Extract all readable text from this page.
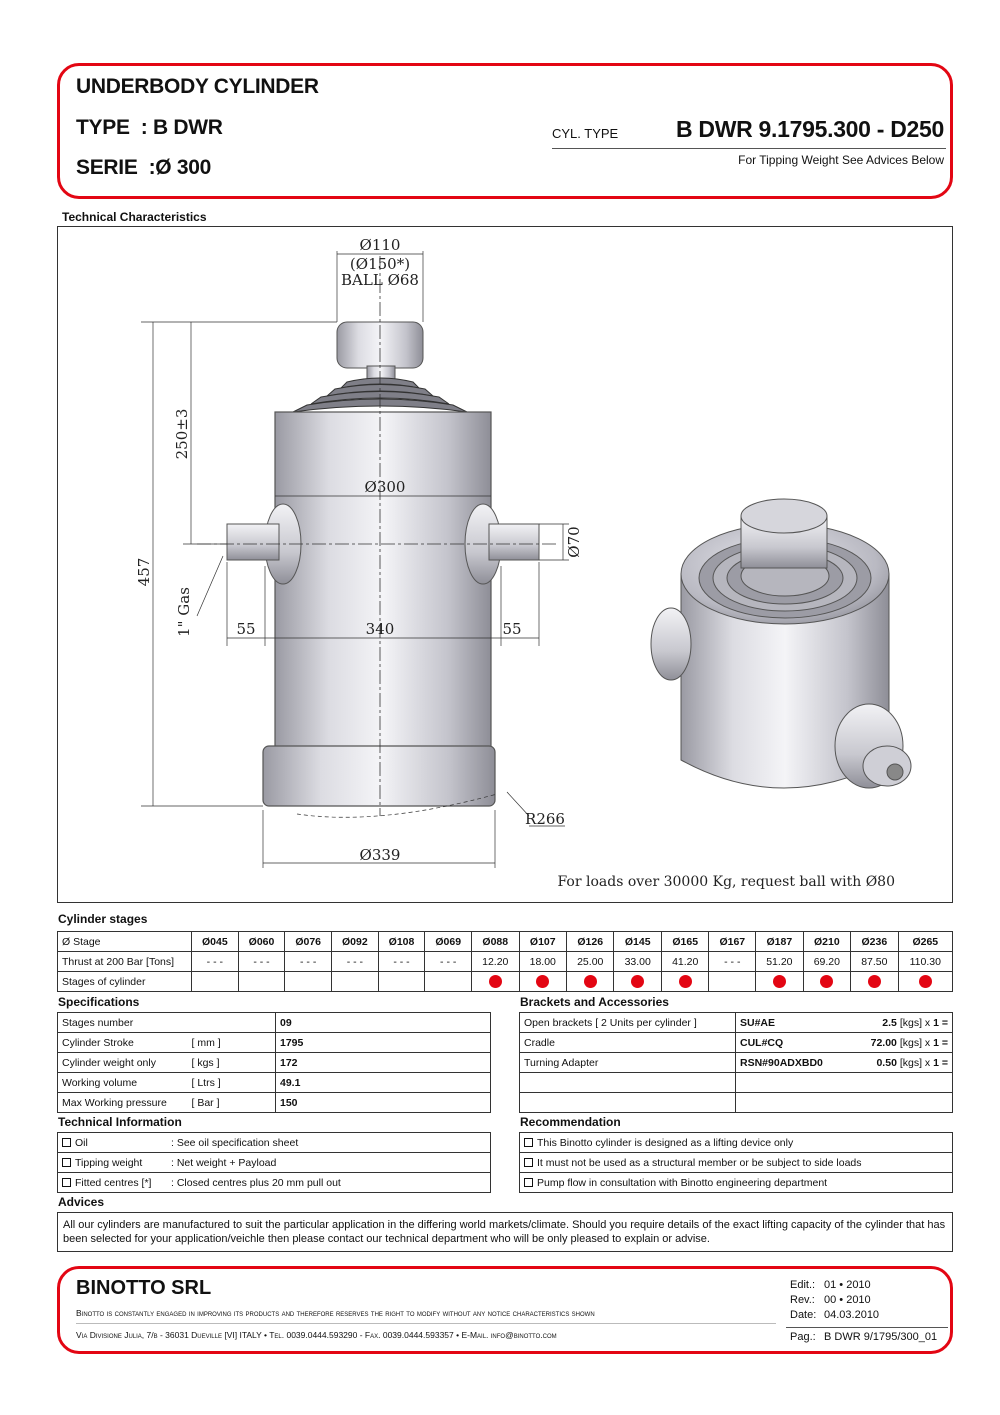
UNDERBODY CYLINDER
TYPE  : B DWR
SERIE  :Ø 300
CYL. TYPE	B DWR 9.1795.300 - D250
For Tipping Weight See Advices Below
Technical Characteristics
Ø110
(Ø150*)
BALL Ø68
250±3
457
1" Gas
Ø300
Ø70
55	340	55
R266
Ø339
For loads over 30000 Kg, request ball with Ø80
Cylinder stages
Ø Stage	Ø045	Ø060	Ø076	Ø092	Ø108	Ø069	Ø088	Ø107	Ø126	Ø145	Ø165	Ø167	Ø187	Ø210	Ø236	Ø265
Thrust at 200 Bar [Tons]	- - -	- - -	- - -	- - -	- - -	- - -	12.20	18.00	25.00	33.00	41.20	- - -	51.20	69.20	87.50	110.30
Stages of cylinder																
Specifications
Stages number		09
Cylinder Stroke	[ mm ]	1795
Cylinder weight only	[ kgs ]	172
Working volume	[ Ltrs ]	49.1
Max Working pressure	[ Bar ]	150
Brackets and Accessories
Open brackets [ 2 Units per cylinder ]	SU#AE 2.5 [kgs] x 1 =

Cradle	CUL#CQ 72.00 [kgs] x 1 =

Turning Adapter	RSN#90ADXBD0 0.50 [kgs] x 1 =

Technical Information
Oil	: See oil specification sheet
Tipping weight	: Net weight + Payload
Fitted centres [*] : Closed centres plus 20 mm pull out
Recommendation
This Binotto cylinder is designed as a lifting device only
It must not be used as a structural member or be subject to side loads
Pump flow in consultation with Binotto engineering department
Advices
All our cylinders are manufactured to suit the particular application in the differing world markets/climate. Should you require details of the exact lifting capacity of the cylinder that has been selected for your application/veichle then please contact our technical department who will be only pleased to explain or advise.
BINOTTO SRL
Binotto is constantly engaged in improving its products and therefore reserves the right to modify without any notice characteristics shown
Via Divisione Julia, 7/b - 36031 Dueville [VI] ITALY • Tel. 0039.0444.593290 - Fax. 0039.0444.593357 • E-Mail. info@binotto.com
Edit.: 01 • 2010
Rev.: 00 • 2010
Date: 04.03.2010
Pag.: B DWR 9/1795/300_01
